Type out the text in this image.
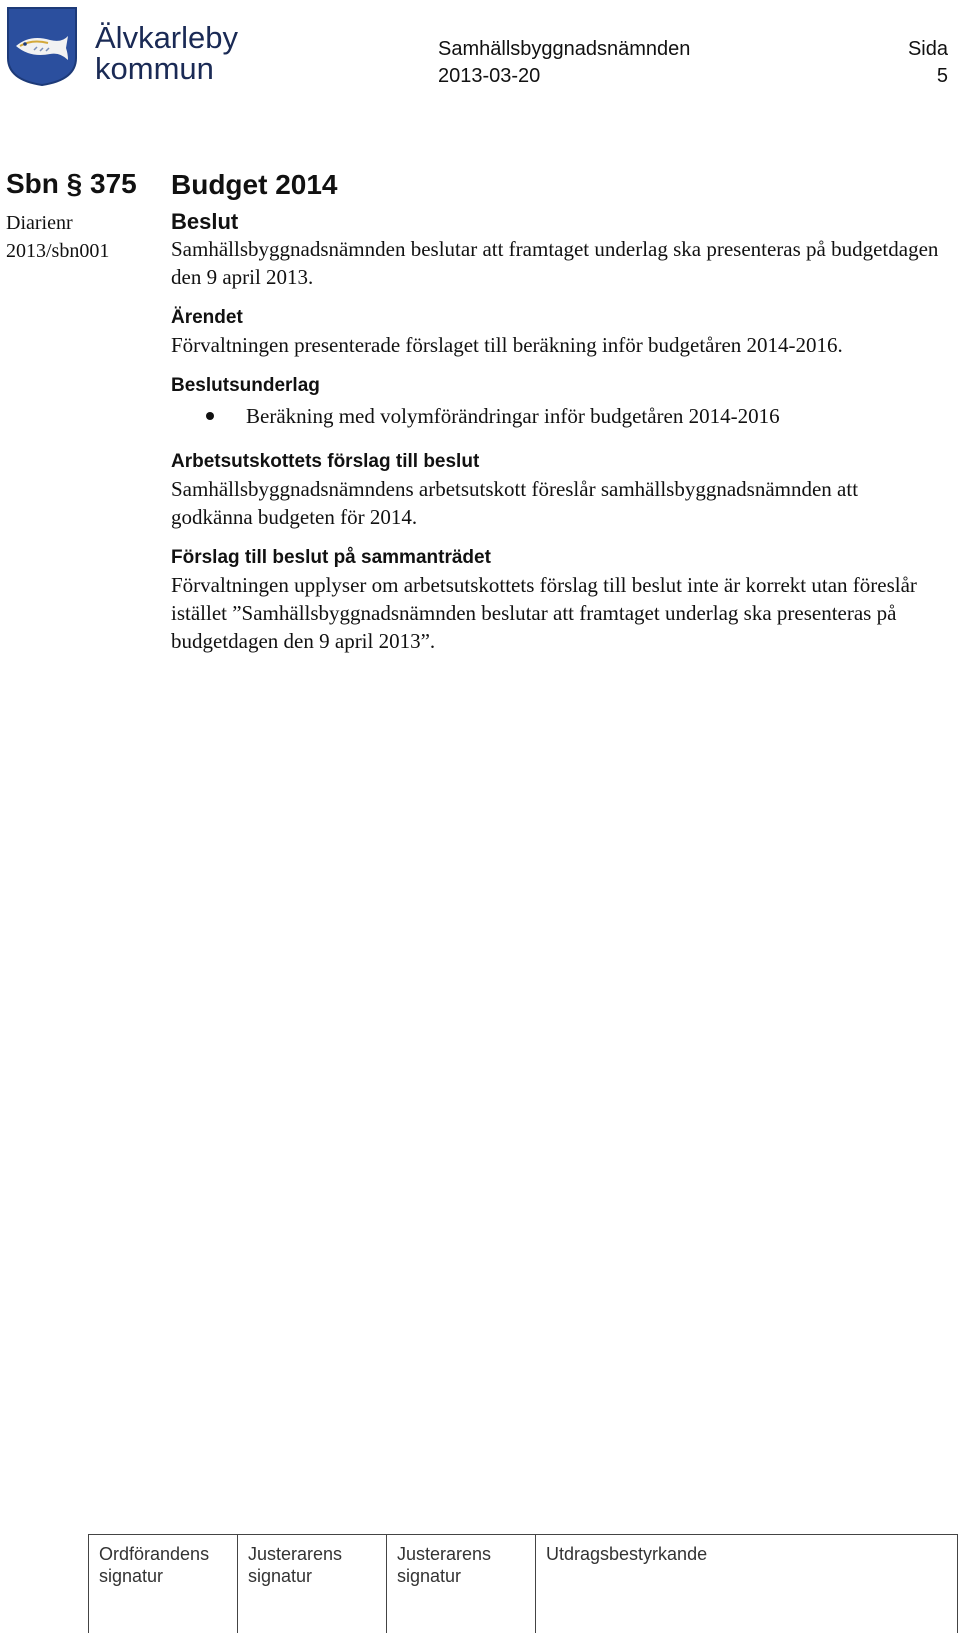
Älvkarleby
kommun
Samhällsbyggnadsnämnden
2013-03-20
Sida
5
Sbn § 375
Diarienr
2013/sbn001
Budget 2014
Beslut

Samhällsbyggnadsnämnden beslutar att framtaget underlag ska presenteras på budgetdagen den 9 april 2013.

Ärendet

Förvaltningen presenterade förslaget till beräkning inför budgetåren 2014-2016.

Beslutsunderlag
Beräkning med volymförändringar inför budgetåren 2014-2016
Arbetsutskottets förslag till beslut

Samhällsbyggnadsnämndens arbetsutskott föreslår samhällsbyggnadsnämnden att godkänna budgeten för 2014.

Förslag till beslut på sammanträdet

Förvaltningen upplyser om arbetsutskottets förslag till beslut inte är korrekt utan föreslår istället ”Samhällsbyggnadsnämnden beslutar att framtaget underlag ska presenteras på budgetdagen den 9 april 2013”.

Ordförandens
signatur
Justerarens
signatur
Justerarens
signatur
Utdragsbestyrkande
